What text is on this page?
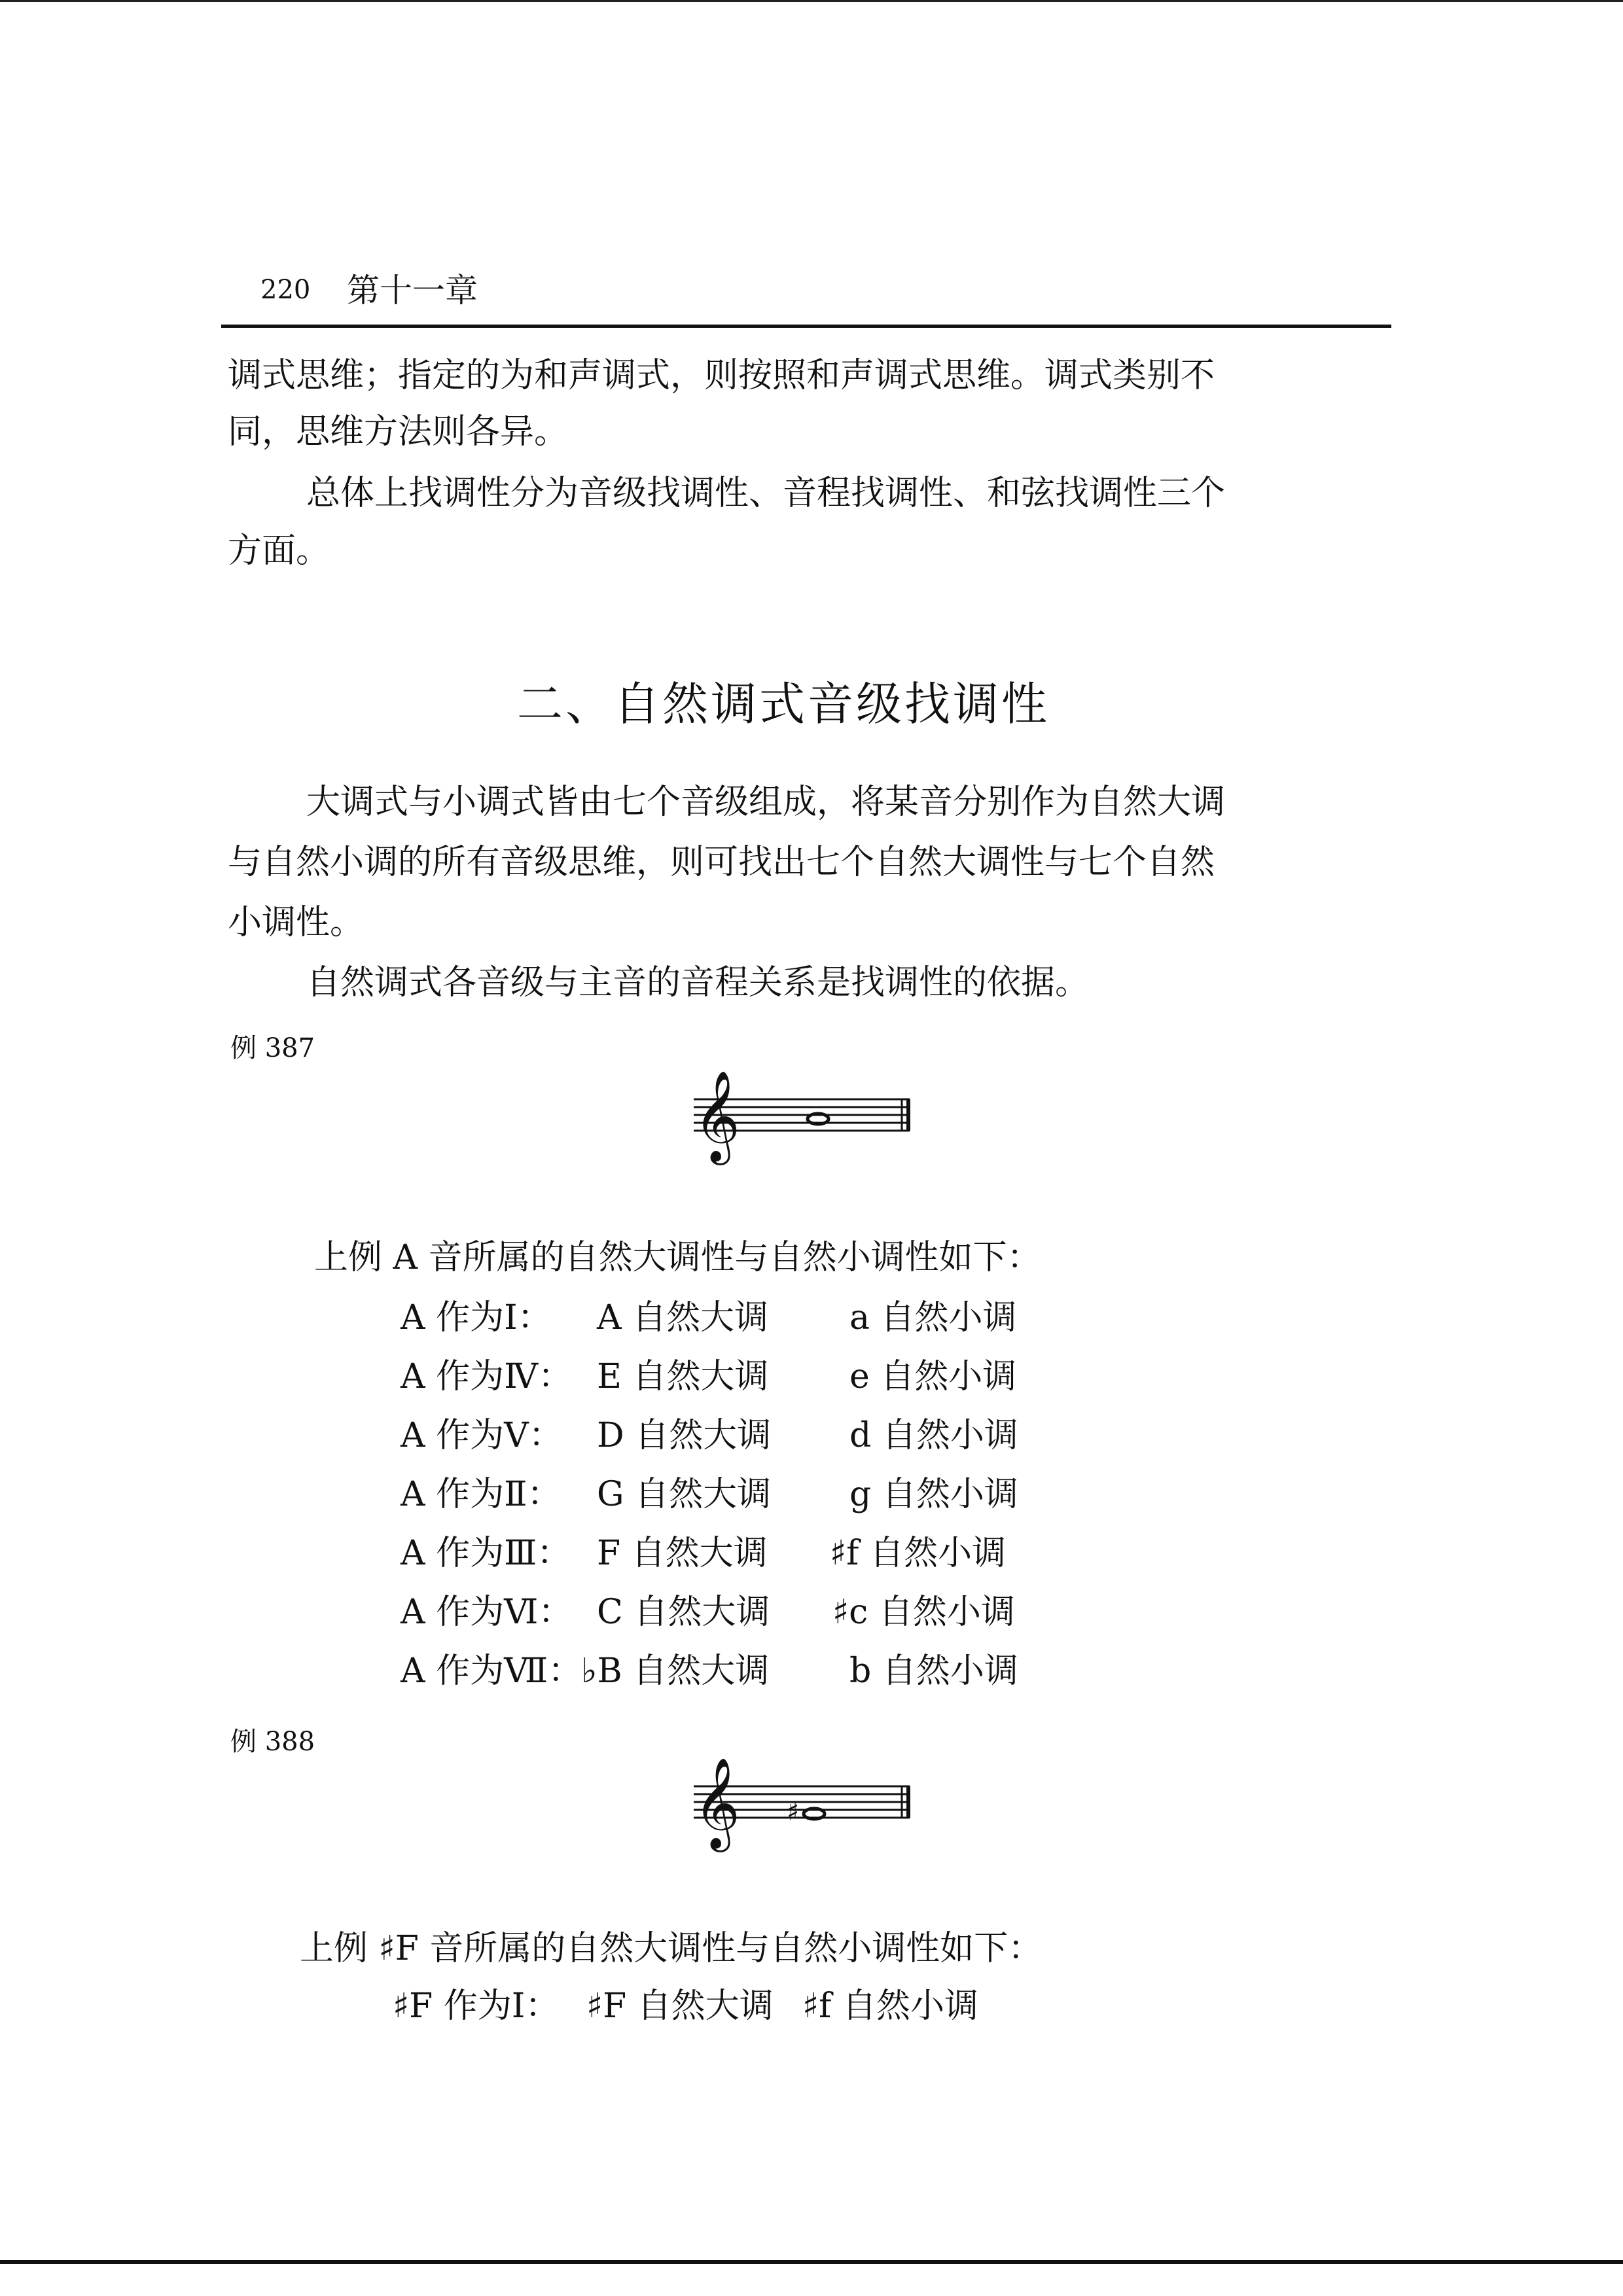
220 第十一章
调式思维；指定的为和声调式，则按照和声调式思维。调式类别不
同，思维方法则各异。
总体上找调性分为音级找调性、音程找调性、和弦找调性三个
方面。
二、自然调式音级找调性
大调式与小调式皆由七个音级组成，将某音分别作为自然大调
与自然小调的所有音级思维，则可找出七个自然大调性与七个自然
小调性。
自然调式各音级与主音的音程关系是找调性的依据。
例 387
𝄞
上例 A 音所属的自然大调性与自然小调性如下：
A 作为Ⅰ： A 自然大调 a 自然小调
A 作为Ⅳ： E 自然大调 e 自然小调
A 作为Ⅴ： D 自然大调 d 自然小调
A 作为Ⅱ： G 自然大调 g 自然小调
A 作为Ⅲ： F 自然大调 ♯f 自然小调
A 作为Ⅵ： C 自然大调 ♯c 自然小调
A 作为Ⅶ：
♭B 自然大调 b 自然小调
例 388
𝄞 ♯
上例 ♯F 音所属的自然大调性与自然小调性如下：
♯F 作为Ⅰ： ♯F 自然大调 ♯f 自然小调
